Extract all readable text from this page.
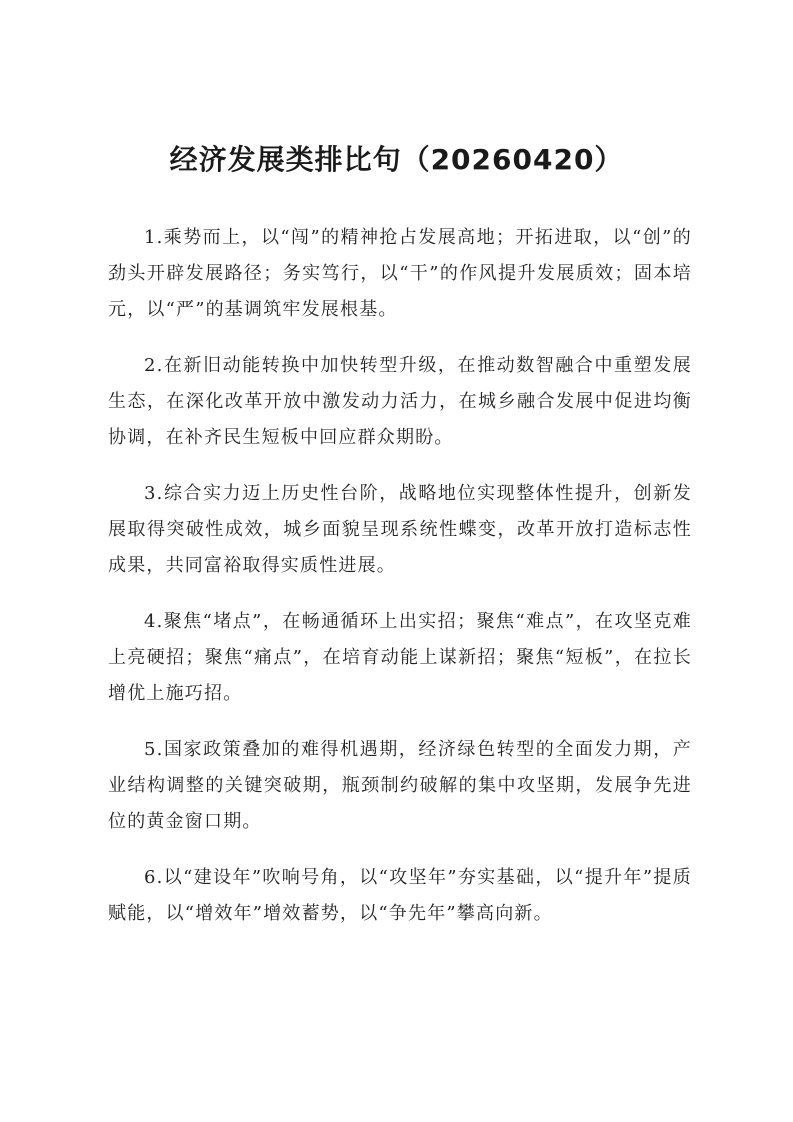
经济发展类排比句（20260420）

1.乘势而上，以“闯”的精神抢占发展高地；开拓进取，以“创”的劲头开辟发展路径；务实笃行，以“干”的作风提升发展质效；固本培元，以“严”的基调筑牢发展根基。

2.在新旧动能转换中加快转型升级，在推动数智融合中重塑发展生态，在深化改革开放中激发动力活力，在城乡融合发展中促进均衡协调，在补齐民生短板中回应群众期盼。

3.综合实力迈上历史性台阶，战略地位实现整体性提升，创新发展取得突破性成效，城乡面貌呈现系统性蝶变，改革开放打造标志性成果，共同富裕取得实质性进展。

4.聚焦“堵点”，在畅通循环上出实招；聚焦“难点”，在攻坚克难上亮硬招；聚焦“痛点”，在培育动能上谋新招；聚焦“短板”，在拉长增优上施巧招。

5.国家政策叠加的难得机遇期，经济绿色转型的全面发力期，产业结构调整的关键突破期，瓶颈制约破解的集中攻坚期，发展争先进位的黄金窗口期。

6.以“建设年”吹响号角，以“攻坚年”夯实基础，以“提升年”提质赋能，以“增效年”增效蓄势，以“争先年”攀高向新。
